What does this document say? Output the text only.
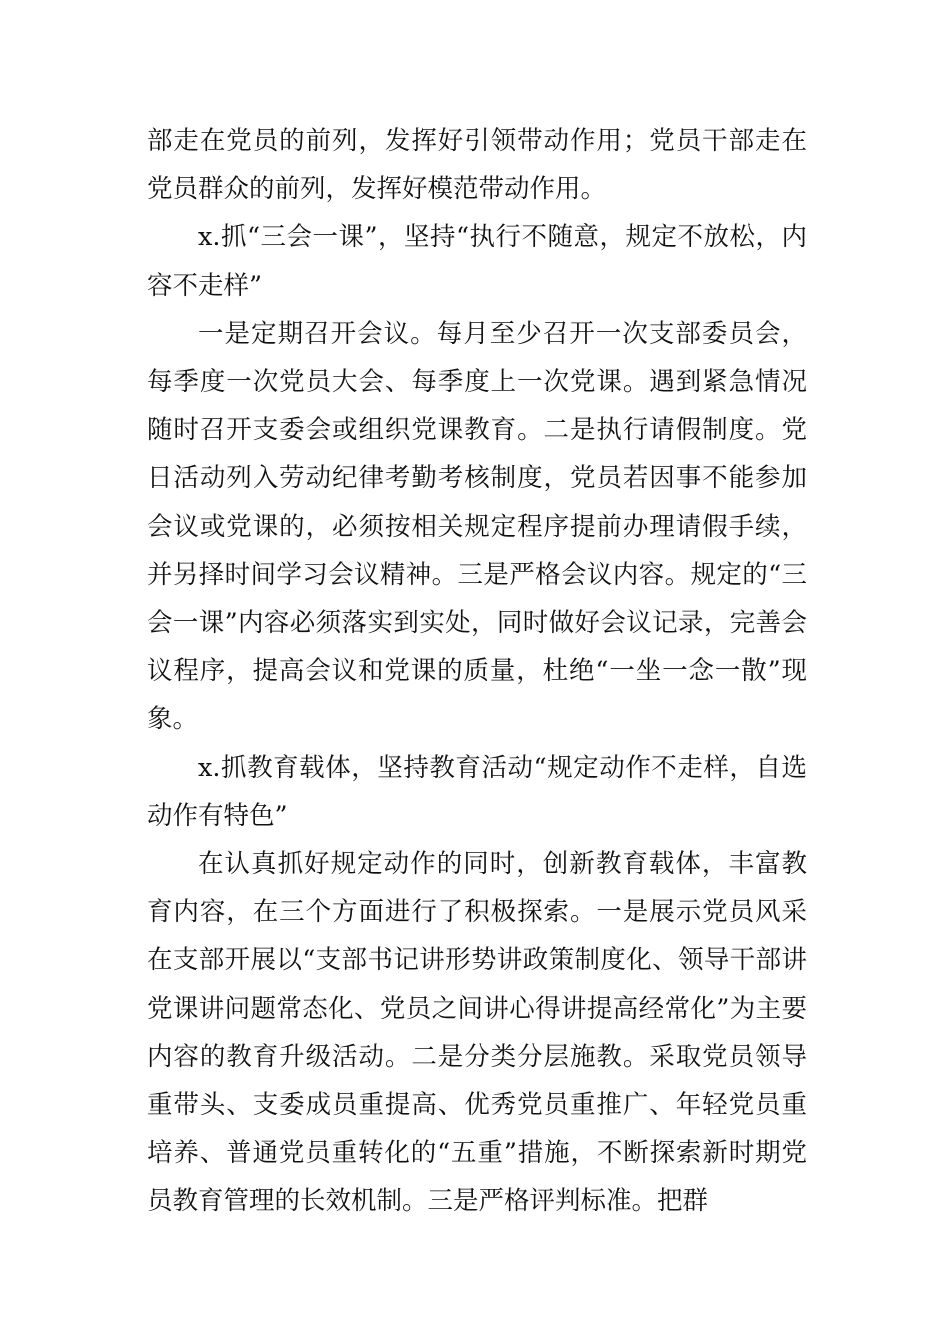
部走在党员的前列，发挥好引领带动作用；党员干部走在党员群众的前列，发挥好模范带动作用。

x.抓“三会一课”，坚持“执行不随意，规定不放松，内容不走样”

一是定期召开会议。每月至少召开一次支部委员会，每季度一次党员大会、每季度上一次党课。遇到紧急情况随时召开支委会或组织党课教育。二是执行请假制度。党日活动列入劳动纪律考勤考核制度，党员若因事不能参加会议或党课的，必须按相关规定程序提前办理请假手续，并另择时间学习会议精神。三是严格会议内容。规定的“三会一课”内容必须落实到实处，同时做好会议记录，完善会议程序，提高会议和党课的质量，杜绝“一坐一念一散”现象。

x.抓教育载体，坚持教育活动“规定动作不走样，自选动作有特色”

在认真抓好规定动作的同时，创新教育载体，丰富教育内容，在三个方面进行了积极探索。一是展示党员风采在支部开展以“支部书记讲形势讲政策制度化、领导干部讲党课讲问题常态化、党员之间讲心得讲提高经常化”为主要内容的教育升级活动。二是分类分层施教。采取党员领导重带头、支委成员重提高、优秀党员重推广、年轻党员重培养、普通党员重转化的“五重”措施，不断探索新时期党员教育管理的长效机制。三是严格评判标准。把群
